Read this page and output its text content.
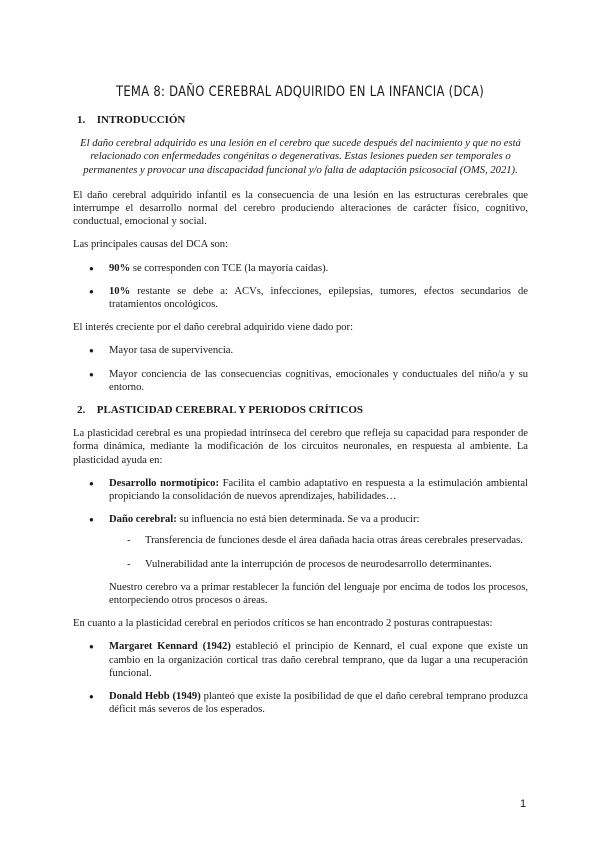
TEMA 8: DAÑO CEREBRAL ADQUIRIDO EN LA INFANCIA (DCA)
1. INTRODUCCIÓN
El daño cerebral adquirido es una lesión en el cerebro que sucede después del nacimiento y que no está relacionado con enfermedades congénitas o degenerativas. Estas lesiones pueden ser temporales o permanentes y provocar una discapacidad funcional y/o falta de adaptación psicosocial (OMS, 2021).

El daño cerebral adquirido infantil es la consecuencia de una lesión en las estructuras cerebrales que interrumpe el desarrollo normal del cerebro produciendo alteraciones de carácter físico, cognitivo, conductual, emocional y social.

Las principales causas del DCA son:

● 90% se corresponden con TCE (la mayoría caídas).
● 10% restante se debe a: ACVs, infecciones, epilepsias, tumores, efectos secundarios de tratamientos oncológicos.

El interés creciente por el daño cerebral adquirido viene dado por:

● Mayor tasa de supervivencia.
● Mayor conciencia de las consecuencias cognitivas, emocionales y conductuales del niño/a y su entorno.
2. PLASTICIDAD CEREBRAL Y PERIODOS CRÍTICOS

La plasticidad cerebral es una propiedad intrínseca del cerebro que refleja su capacidad para responder de forma dinámica, mediante la modificación de los circuitos neuronales, en respuesta al ambiente. La plasticidad ayuda en:

● Desarrollo normotípico: Facilita el cambio adaptativo en respuesta a la estimulación ambiental propiciando la consolidación de nuevos aprendizajes, habilidades…
● Daño cerebral: su influencia no está bien determinada. Se va a producir:
- Transferencia de funciones desde el área dañada hacia otras áreas cerebrales preservadas.
- Vulnerabilidad ante la interrupción de procesos de neurodesarrollo determinantes.
Nuestro cerebro va a primar restablecer la función del lenguaje por encima de todos los procesos, entorpeciendo otros procesos o áreas.

En cuanto a la plasticidad cerebral en periodos críticos se han encontrado 2 posturas contrapuestas:

● Margaret Kennard (1942) estableció el principio de Kennard, el cual expone que existe un cambio en la organización cortical tras daño cerebral temprano, que da lugar a una recuperación funcional.
● Donald Hebb (1949) planteó que existe la posibilidad de que el daño cerebral temprano produzca déficit más severos de los esperados.
1
